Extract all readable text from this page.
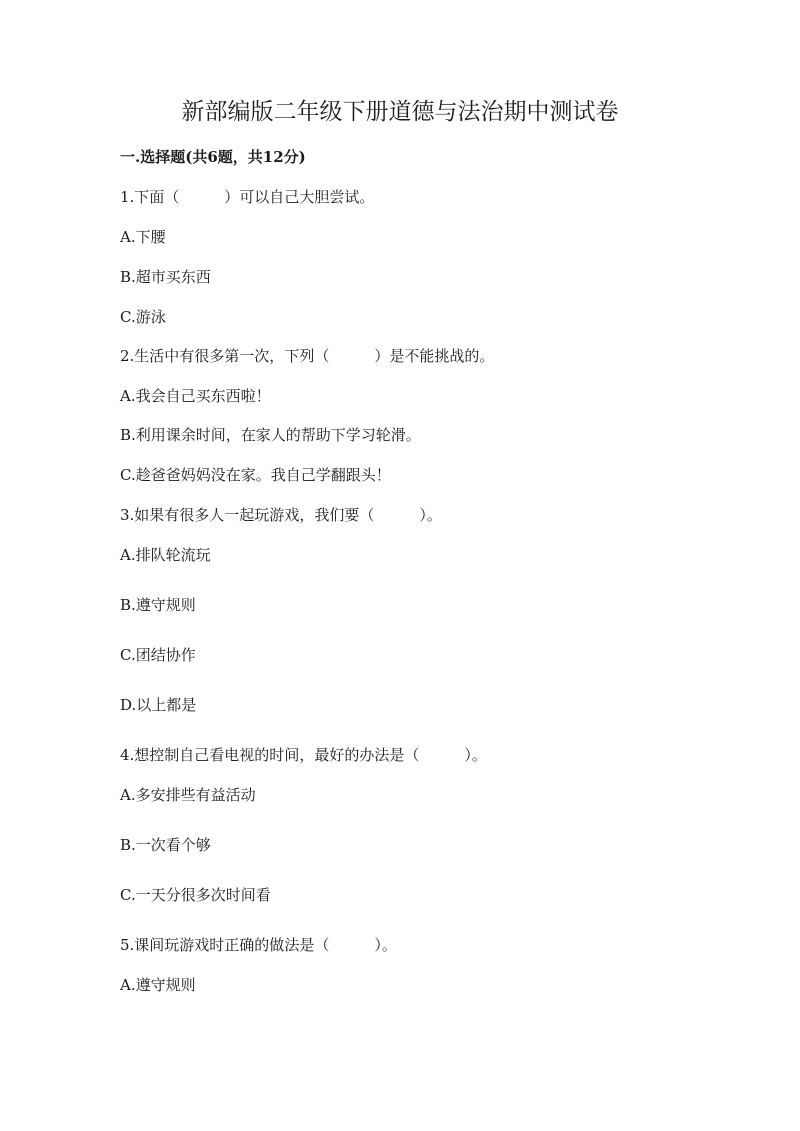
新部编版二年级下册道德与法治期中测试卷
一.选择题(共6题，共12分)

1.下面（　　　）可以自己大胆尝试。

A.下腰

B.超市买东西

C.游泳

2.生活中有很多第一次，下列（　　　）是不能挑战的。

A.我会自己买东西啦！

B.利用课余时间，在家人的帮助下学习轮滑。

C.趁爸爸妈妈没在家。我自己学翻跟头！

3.如果有很多人一起玩游戏，我们要（　　　）。

A.排队轮流玩

B.遵守规则

C.团结协作

D.以上都是

4.想控制自己看电视的时间，最好的办法是（　　　）。

A.多安排些有益活动

B.一次看个够

C.一天分很多次时间看

5.课间玩游戏时正确的做法是（　　　）。

A.遵守规则
